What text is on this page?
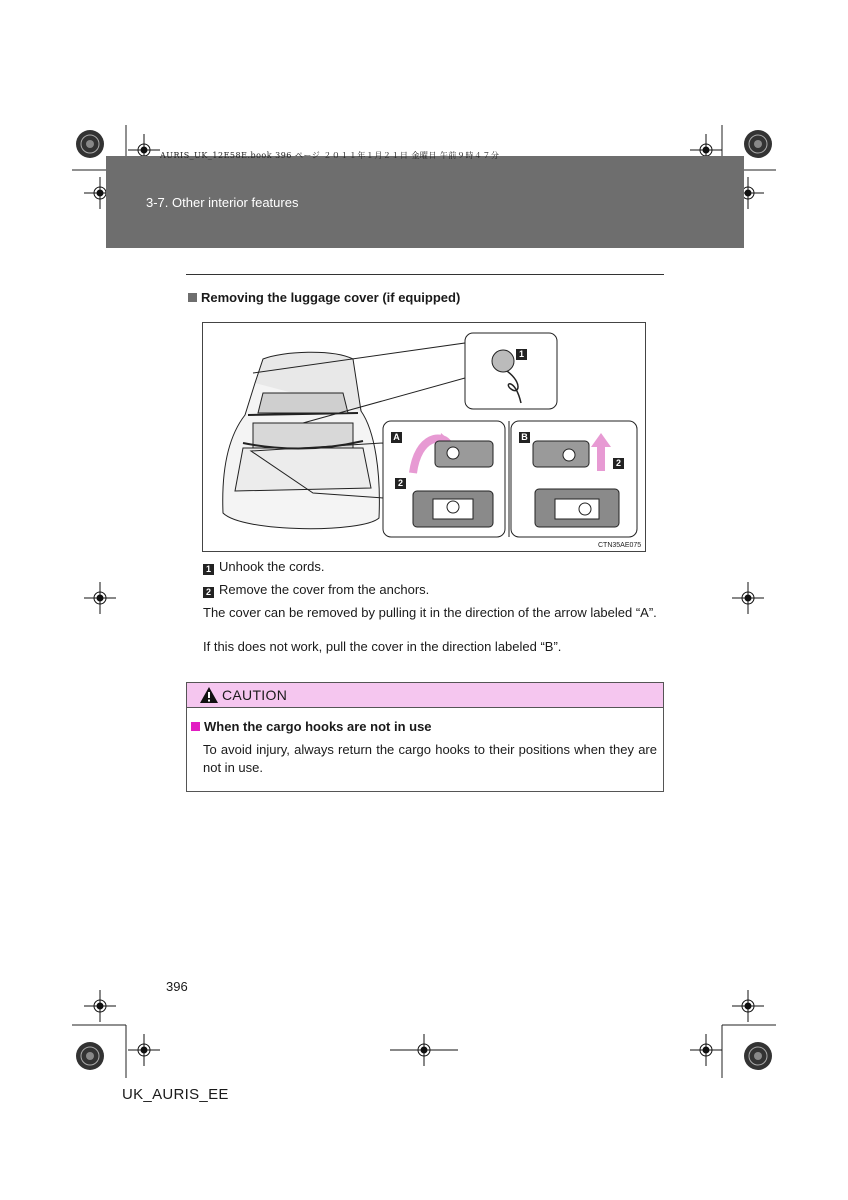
AURIS_UK_12E58E.book 396 ページ ２０１１年１月２１日 金曜日 午前９時４７分
3-7. Other interior features
Removing the luggage cover (if equipped)
1
2
A	B
2
CTN35AE075
1 Unhook the cords.
2 Remove the cover from the anchors.
The cover can be removed by pulling it in the direction of the arrow labeled “A”.
If this does not work, pull the cover in the direction labeled “B”.
CAUTION
When the cargo hooks are not in use
To avoid injury, always return the cargo hooks to their positions when they are not in use.
396
UK_AURIS_EE
